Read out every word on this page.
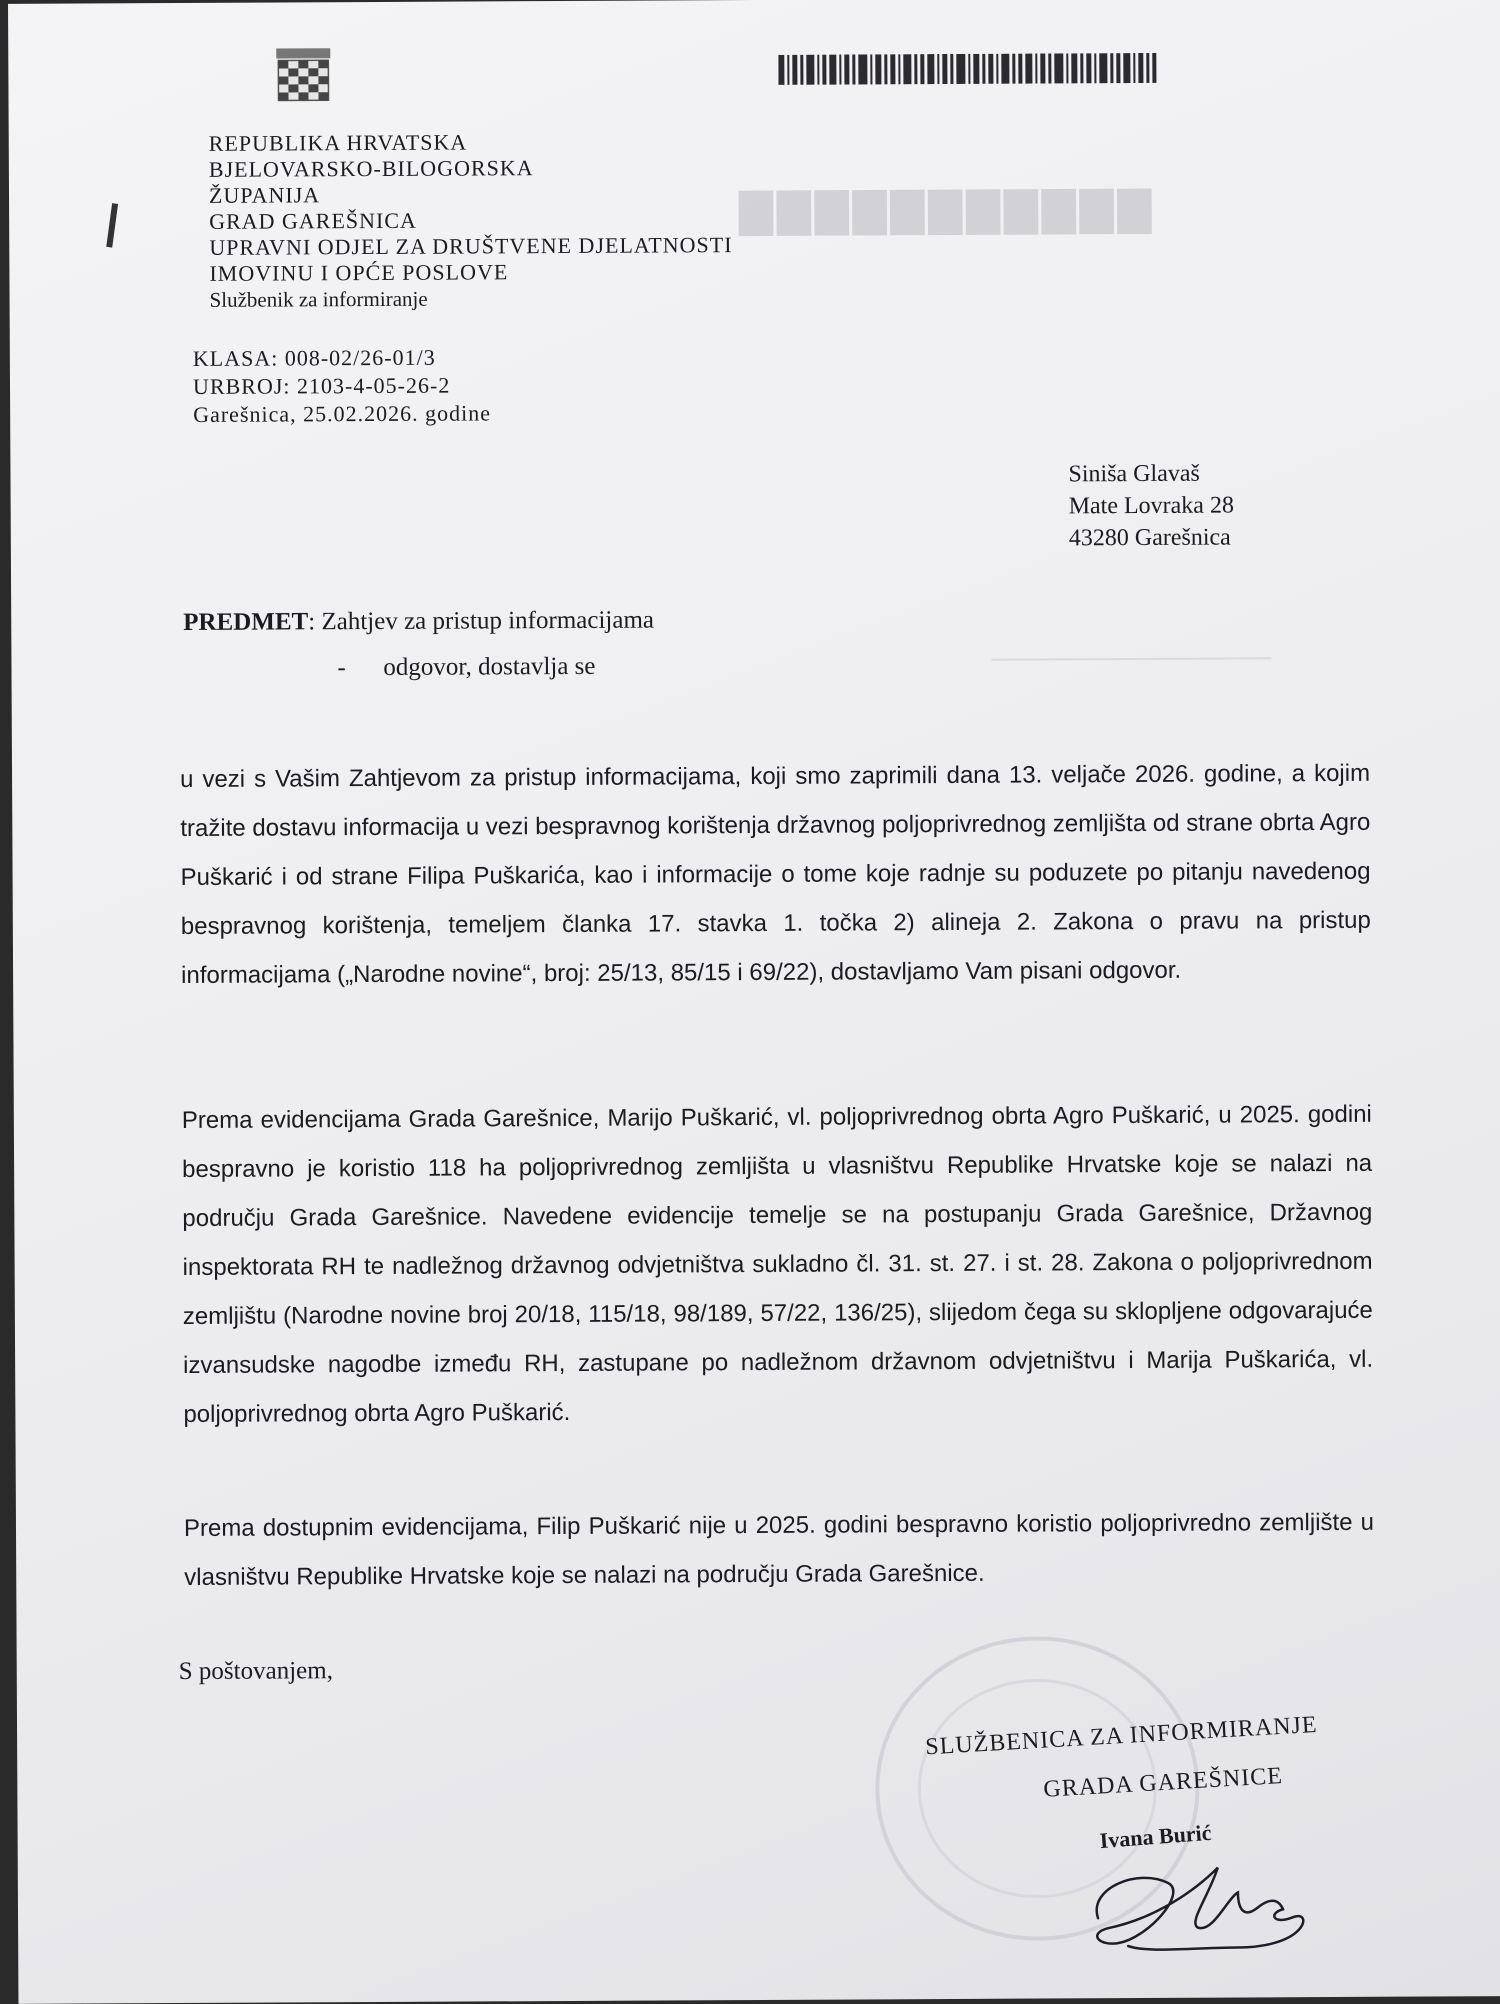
▇▇▇▇▇▇▇▇▇▇▇
REPUBLIKA HRVATSKA
BJELOVARSKO-BILOGORSKA
ŽUPANIJA
GRAD GAREŠNICA
UPRAVNI ODJEL ZA DRUŠTVENE DJELATNOSTI
IMOVINU I OPĆE POSLOVE
Službenik za informiranje
KLASA: 008-02/26-01/3
URBROJ: 2103-4-05-26-2
Garešnica, 25.02.2026. godine
Siniša Glavaš
Mate Lovraka 28
43280 Garešnica
PREDMET: Zahtjev za pristup informacijama
-      odgovor, dostavlja se
u vezi s Vašim Zahtjevom za pristup informacijama, koji smo zaprimili dana 13. veljače 2026. godine, a kojim tražite dostavu informacija u vezi bespravnog korištenja državnog poljoprivrednog zemljišta od strane obrta Agro Puškarić i od strane Filipa Puškarića, kao i informacije o tome koje radnje su poduzete po pitanju navedenog bespravnog korištenja, temeljem članka 17. stavka 1. točka 2) alineja 2. Zakona o pravu na pristup informacijama („Narodne novine“, broj: 25/13, 85/15 i 69/22), dostavljamo Vam pisani odgovor.
Prema evidencijama Grada Garešnice, Marijo Puškarić, vl. poljoprivrednog obrta Agro Puškarić, u 2025. godini bespravno je koristio 118 ha poljoprivrednog zemljišta u vlasništvu Republike Hrvatske koje se nalazi na području Grada Garešnice. Navedene evidencije temelje se na postupanju Grada Garešnice, Državnog inspektorata RH te nadležnog državnog odvjetništva sukladno čl. 31. st. 27. i st. 28. Zakona o poljoprivrednom zemljištu (Narodne novine broj 20/18, 115/18, 98/189, 57/22, 136/25), slijedom čega su sklopljene odgovarajuće izvansudske nagodbe između RH, zastupane po nadležnom državnom odvjetništvu i Marija Puškarića, vl. poljoprivrednog obrta Agro Puškarić.
Prema dostupnim evidencijama, Filip Puškarić nije u 2025. godini bespravno koristio poljoprivredno zemljište u vlasništvu Republike Hrvatske koje se nalazi na području Grada Garešnice.
S poštovanjem,
SLUŽBENICA ZA INFORMIRANJE
GRADA GAREŠNICE
Ivana Burić
